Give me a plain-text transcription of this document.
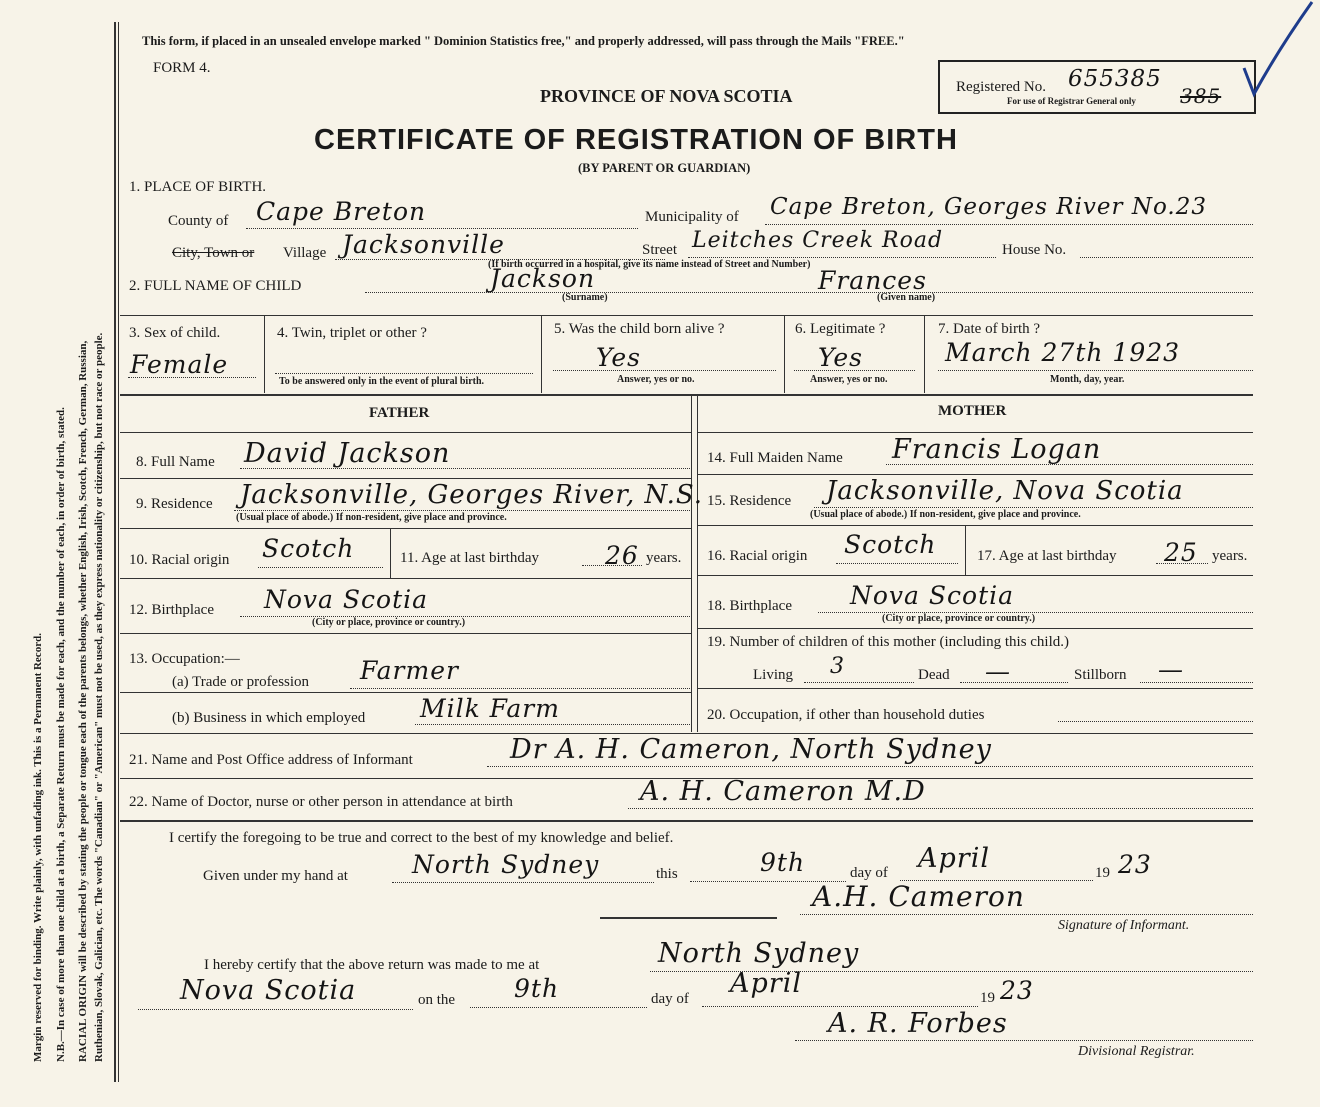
Margin reserved for binding. Write plainly, with unfading ink. This is a Permanent Record. N.B.—In case of more than one child at a birth, a Separate Return must be made for each, and the number of each, in order of birth, stated. RACIAL ORIGIN will be described by stating the people or tongue each of the parents belongs, whether English, Irish, Scotch, French, German, Russian, Ruthenian, Slovak, Galician, etc. The words "Canadian" or "American" must not be used, as they express nationality or citizenship, but not race or people.
This form, if placed in an unsealed envelope marked " Dominion Statistics free," and properly addressed, will pass through the Mails "FREE."
FORM 4.
PROVINCE OF NOVA SCOTIA
CERTIFICATE OF REGISTRATION OF BIRTH
(BY PARENT OR GUARDIAN)
Registered No. 655385
For use of Registrar General only 385
1. PLACE OF BIRTH.
County of Cape Breton	Municipality of Cape Breton, Georges River No.23
City, Town or Village Jacksonville	Street Leitches Creek Road	House No.
(If birth occurred in a hospital, give its name instead of Street and Number)
2. FULL NAME OF CHILD	Jackson	Frances
(Surname)	(Given name)
3. Sex of child.
Female
4. Twin, triplet or other ?
To be answered only in the event of plural birth.
5. Was the child born alive ?
Yes
Answer, yes or no.
6. Legitimate ?
Yes
Answer, yes or no.
7. Date of birth ?
March 27th 1923
Month, day, year.
FATHER	MOTHER
8. Full Name David Jackson
9. Residence Jacksonville, Georges River, N.S.
(Usual place of abode.) If non-resident, give place and province.
10. Racial origin Scotch	11. Age at last birthday	26 years.
12. Birthplace Nova Scotia
(City or place, province or country.)
13. Occupation:—
(a) Trade or profession Farmer
(b) Business in which employed Milk Farm
14. Full Maiden Name Francis Logan
15. Residence Jacksonville, Nova Scotia
(Usual place of abode.) If non-resident, give place and province.
16. Racial origin Scotch	17. Age at last birthday 25 years.
18. Birthplace Nova Scotia
(City or place, province or country.)
19. Number of children of this mother (including this child.)
Living 3	Dead —	Stillborn —
20. Occupation, if other than household duties
21. Name and Post Office address of Informant	Dr A. H. Cameron, North Sydney
22. Name of Doctor, nurse or other person in attendance at birth	A. H. Cameron M.D
I certify the foregoing to be true and correct to the best of my knowledge and belief.
Given under my hand at	North Sydney	this	9th	day of April	19 23
A.H. Cameron
Signature of Informant.
I hereby certify that the above return was made to me at	North Sydney
Nova Scotia	on the 9th	day of April	19 23
A. R. Forbes
Divisional Registrar.
